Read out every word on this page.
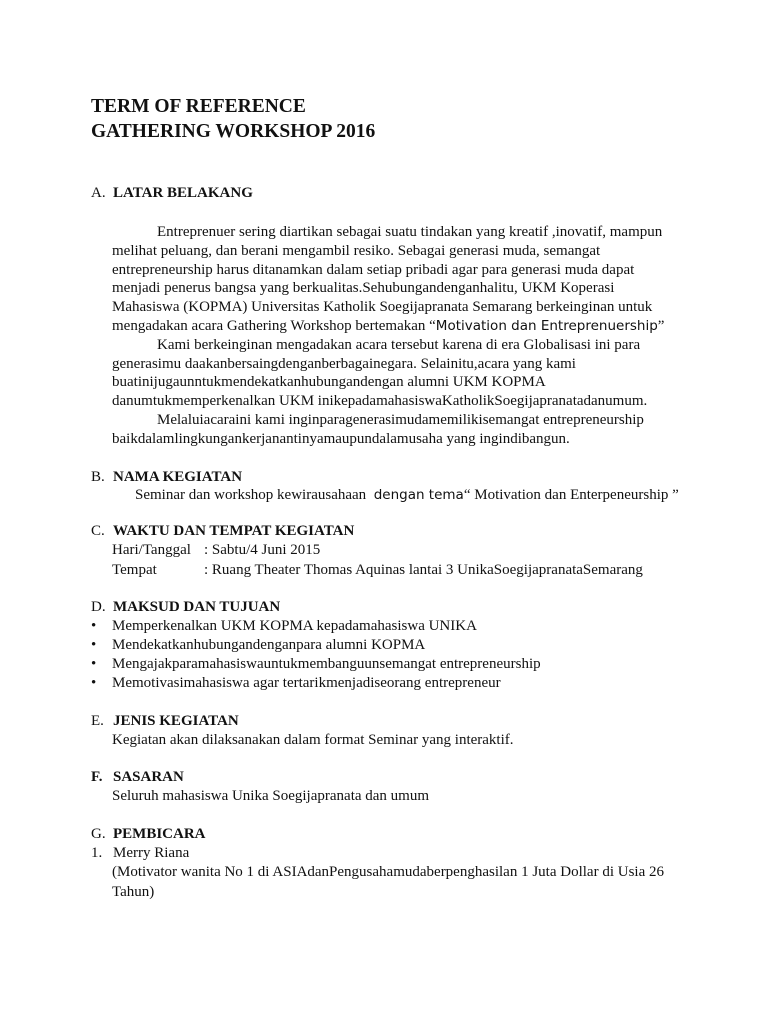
TERM OF REFERENCE
GATHERING WORKSHOP 2016
A. LATAR BELAKANG

Entreprenuer sering diartikan sebagai suatu tindakan yang kreatif ,inovatif, mampun

melihat peluang, dan berani mengambil resiko. Sebagai generasi muda, semangat

entrepreneurship harus ditanamkan dalam setiap pribadi agar para generasi muda dapat

menjadi penerus bangsa yang berkualitas.Sehubungandenganhalitu, UKM Koperasi

Mahasiswa (KOPMA) Universitas Katholik Soegijapranata Semarang berkeinginan untuk

mengadakan acara Gathering Workshop bertemakan “Motivation dan Entreprenuership”

Kami berkeinginan mengadakan acara tersebut karena di era Globalisasi ini para

generasimu daakanbersaingdenganberbagainegara. Selainitu,acara yang kami

buatinijugaunntukmendekatkanhubungandengan alumni UKM KOPMA

danumtukmemperkenalkan UKM inikepadamahasiswaKatholikSoegijapranatadanumum.

Melaluiacaraini kami inginparagenerasimudamemilikisemangat entrepreneurship

baikdalamlingkungankerjanantinyamaupundalamusaha yang ingindibangun.

B. NAMA KEGIATAN
Seminar dan workshop kewirausahaan  dengan tema“ Motivation dan Enterpeneurship ”
C. WAKTU DAN TEMPAT KEGIATAN
Hari/Tanggal : Sabtu/4 Juni 2015
Tempat	: Ruang Theater Thomas Aquinas lantai 3 UnikaSoegijapranataSemarang
D. MAKSUD DAN TUJUAN
• Memperkenalkan UKM KOPMA kepadamahasiswa UNIKA
• Mendekatkanhubungandenganpara alumni KOPMA
• Mengajakparamahasiswauntukmembanguunsemangat entrepreneurship
• Memotivasimahasiswa agar tertarikmenjadiseorang entrepreneur
E. JENIS KEGIATAN
Kegiatan akan dilaksanakan dalam format Seminar yang interaktif.
F. SASARAN
Seluruh mahasiswa Unika Soegijapranata dan umum
G. PEMBICARA
1. Merry Riana
(Motivator wanita No 1 di ASIAdanPengusahamudaberpenghasilan 1 Juta Dollar di Usia 26
Tahun)
